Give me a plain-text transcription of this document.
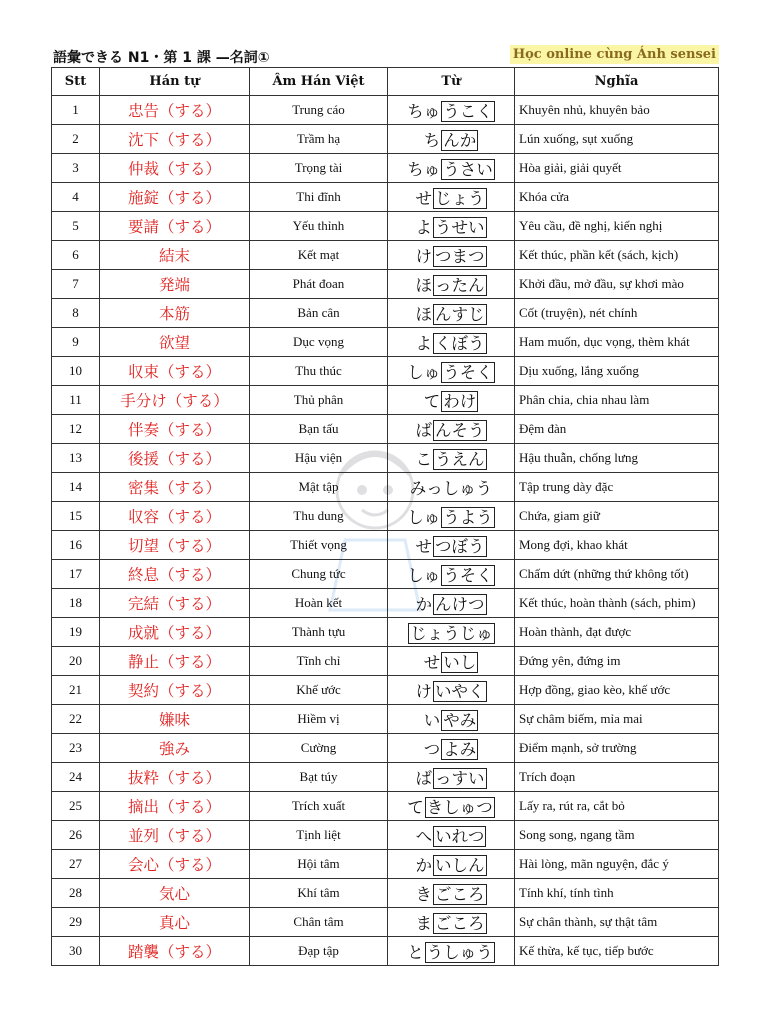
語彙できる N1・第 1 課 —名詞①	Học online cùng Ánh sensei
Stt	Hán tự	Âm Hán Việt	Từ	Nghĩa
1	忠告（する）	Trung cáo	ちゅ うこく	Khuyên nhủ, khuyên bảo
2	沈下（する）	Trầm hạ	ち んか	Lún xuống, sụt xuống
3	仲裁（する）	Trọng tài	ちゅ うさい	Hòa giải, giải quyết
4	施錠（する）	Thi đĩnh	せ じょう	Khóa cửa
5	要請（する）	Yếu thỉnh	よ うせい	Yêu cầu, đề nghị, kiến nghị
6	結末	Kết mạt	け つまつ	Kết thúc, phần kết (sách, kịch)
7	発端	Phát đoan	ほ ったん	Khởi đầu, mở đầu, sự khơi mào
8	本筋	Bản cân	ほ んすじ	Cốt (truyện), nét chính
9	欲望	Dục vọng	よ くぼう	Ham muốn, dục vọng, thèm khát
10	収束（する）	Thu thúc	しゅ うそく	Dịu xuống, lắng xuống
11	手分け（する）	Thủ phân	て わけ	Phân chia, chia nhau làm
12	伴奏（する）	Bạn tấu	ば んそう	Đệm đàn
13	後援（する）	Hậu viện	こ うえん	Hậu thuẫn, chống lưng
14	密集（する）	Mật tập	みっしゅう	Tập trung dày đặc
15	収容（する）	Thu dung	しゅ うよう	Chứa, giam giữ
16	切望（する）	Thiết vọng	せ つぼう	Mong đợi, khao khát
17	終息（する）	Chung tức	しゅ うそく	Chấm dứt (những thứ không tốt)
18	完結（する）	Hoàn kết	か んけつ	Kết thúc, hoàn thành (sách, phim)
19	成就（する）	Thành tựu	じょうじゅ	Hoàn thành, đạt được
20	静止（する）	Tĩnh chỉ	せ いし	Đứng yên, đứng im
21	契約（する）	Khế ước	け いやく	Hợp đồng, giao kèo, khế ước
22	嫌味	Hiềm vị	い やみ	Sự châm biếm, mỉa mai
23	強み	Cường	つ よみ	Điểm mạnh, sở trường
24	抜粋（する）	Bạt túy	ば っすい	Trích đoạn
25	摘出（する）	Trích xuất	て きしゅつ	Lấy ra, rút ra, cắt bỏ
26	並列（する）	Tịnh liệt	へ いれつ	Song song, ngang tầm
27	会心（する）	Hội tâm	か いしん	Hài lòng, mãn nguyện, đắc ý
28	気心	Khí tâm	き ごころ	Tính khí, tính tình
29	真心	Chân tâm	ま ごころ	Sự chân thành, sự thật tâm
30	踏襲（する）	Đạp tập	と うしゅう	Kế thừa, kế tục, tiếp bước
